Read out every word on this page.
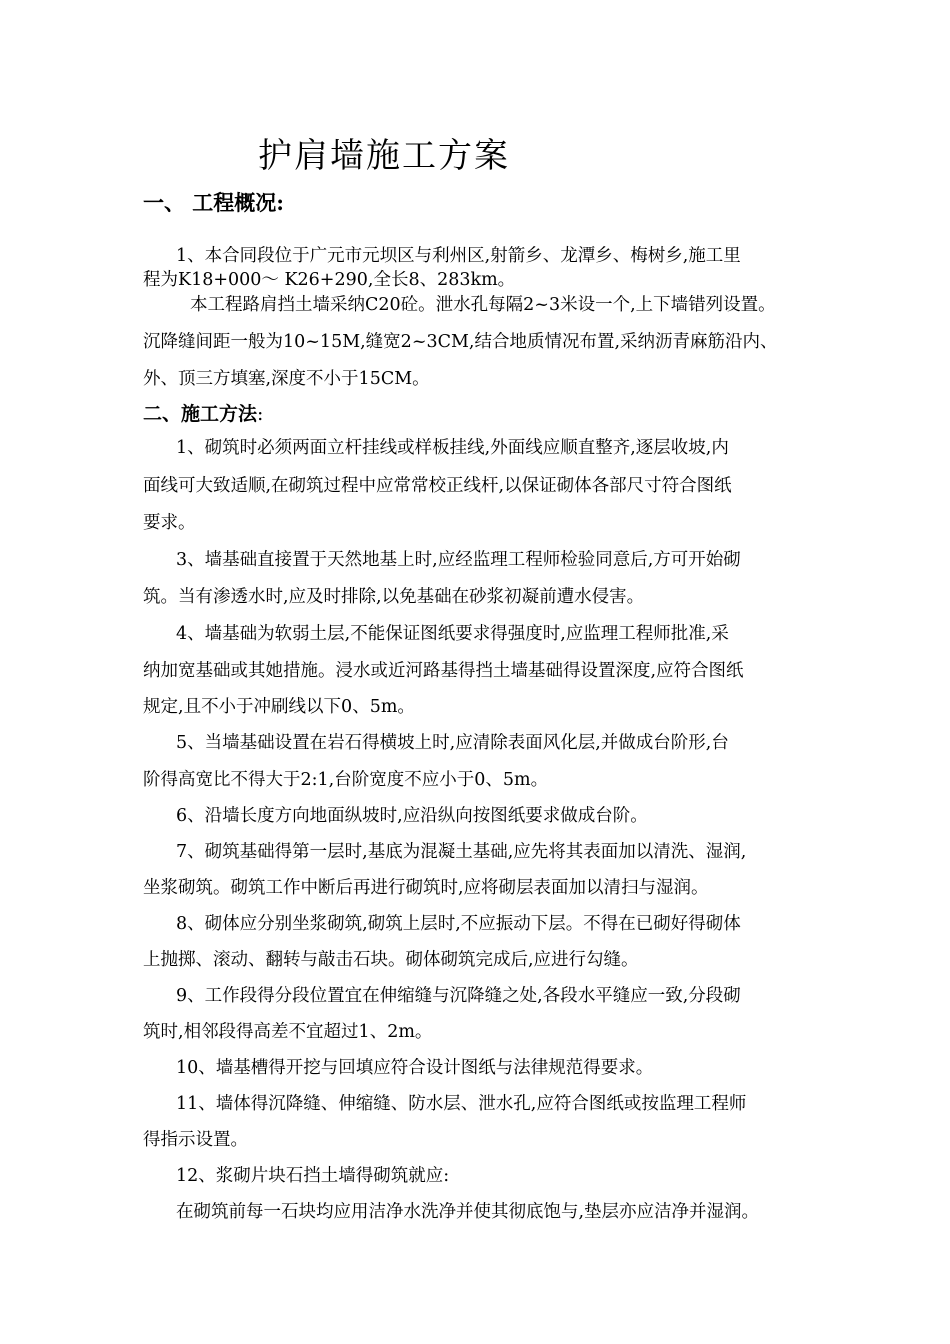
护肩墙施工方案
一、 工程概况:
1、本合同段位于广元市元坝区与利州区,射箭乡、龙潭乡、梅树乡,施工里
程为K18+000～ K26+290,全长8、283km。
本工程路肩挡土墙采纳C20砼。泄水孔每隔2~3米设一个,上下墙错列设置。
沉降缝间距一般为10~15M,缝宽2~3CM,结合地质情况布置,采纳沥青麻筋沿内、
外、顶三方填塞,深度不小于15CM。
二、施工方法:
1、砌筑时必须两面立杆挂线或样板挂线,外面线应顺直整齐,逐层收坡,内
面线可大致适顺,在砌筑过程中应常常校正线杆,以保证砌体各部尺寸符合图纸
要求。
3、墙基础直接置于天然地基上时,应经监理工程师检验同意后,方可开始砌
筑。当有渗透水时,应及时排除,以免基础在砂浆初凝前遭水侵害。
4、墙基础为软弱土层,不能保证图纸要求得强度时,应监理工程师批准,采
纳加宽基础或其她措施。浸水或近河路基得挡土墙基础得设置深度,应符合图纸
规定,且不小于冲刷线以下0、5m。
5、当墙基础设置在岩石得横坡上时,应清除表面风化层,并做成台阶形,台
阶得高宽比不得大于2:1,台阶宽度不应小于0、5m。
6、沿墙长度方向地面纵坡时,应沿纵向按图纸要求做成台阶。
7、砌筑基础得第一层时,基底为混凝土基础,应先将其表面加以清洗、湿润,
坐浆砌筑。砌筑工作中断后再进行砌筑时,应将砌层表面加以清扫与湿润。
8、砌体应分别坐浆砌筑,砌筑上层时,不应振动下层。不得在已砌好得砌体
上抛掷、滚动、翻转与敲击石块。砌体砌筑完成后,应进行勾缝。
9、工作段得分段位置宜在伸缩缝与沉降缝之处,各段水平缝应一致,分段砌
筑时,相邻段得高差不宜超过1、2m。
10、墙基槽得开挖与回填应符合设计图纸与法律规范得要求。
11、墙体得沉降缝、伸缩缝、防水层、泄水孔,应符合图纸或按监理工程师
得指示设置。
12、浆砌片块石挡土墙得砌筑就应:
在砌筑前每一石块均应用洁净水洗净并使其彻底饱与,垫层亦应洁净并湿润。
